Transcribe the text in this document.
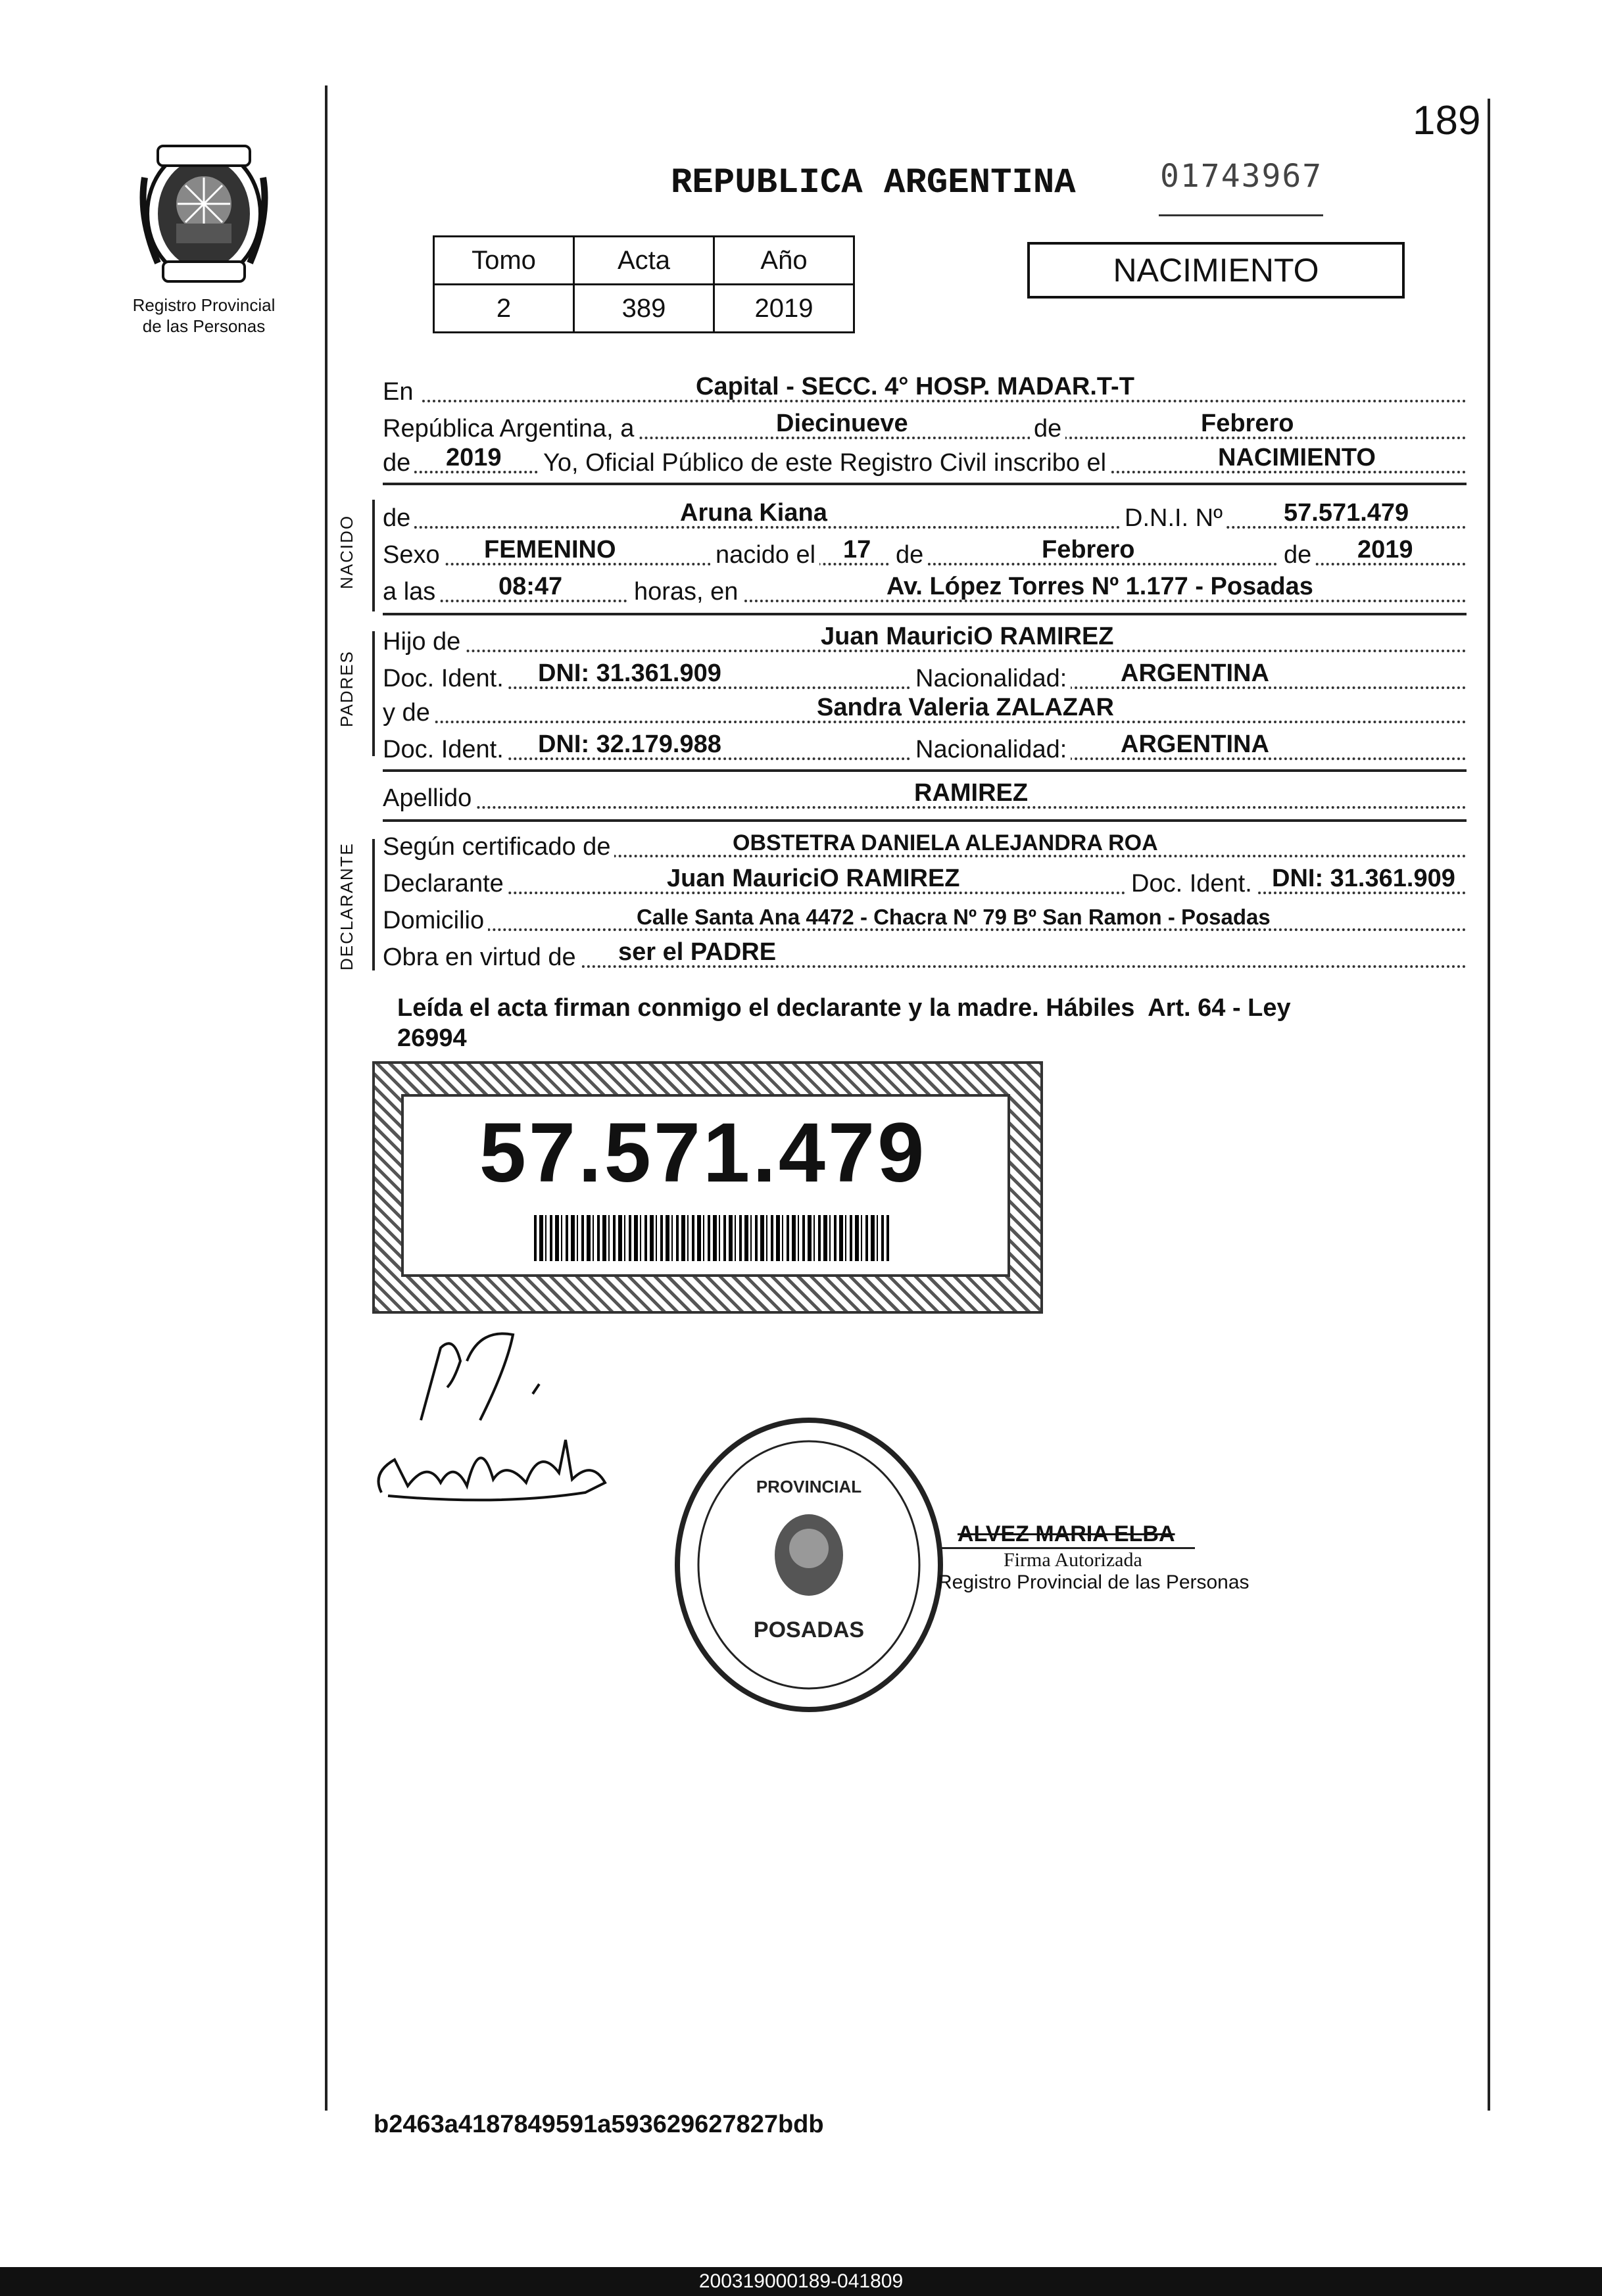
Registro Provincial
de las Personas
189
REPUBLICA ARGENTINA	01743967
Tomo	Acta	Año
2	389	2019
NACIMIENTO
En	Capital - SECC. 4° HOSP. MADAR.T-T
República Argentina, a	Diecinueve	de	Febrero
de 2019 Yo, Oficial Público de este Registro Civil inscribo el	NACIMIENTO
NACIDO de	Aruna Kiana	D.N.I. Nº 57.571.479
Sexo FEMENINO	nacido el 17 de	Febrero	de 2019
a las	08:47	horas, en	Av. López Torres Nº 1.177 - Posadas
PADRES
Hijo de	Juan MauriciO RAMIREZ
Doc. Ident. DNI: 31.361.909	Nacionalidad: ARGENTINA
y de	Sandra Valeria ZALAZAR
Doc. Ident. DNI: 32.179.988	Nacionalidad: ARGENTINA
Apellido	RAMIREZ
DECLARANTE Según certificado de	OBSTETRA DANIELA ALEJANDRA ROA
Declarante	Juan MauriciO RAMIREZ	Doc. Ident. DNI: 31.361.909
Domicilio	Calle Santa Ana 4472 - Chacra Nº 79 Bº San Ramon - Posadas
Obra en virtud de ser el PADRE
Leída el acta firman conmigo el declarante y la madre. Hábiles  Art. 64 - Ley
26994
57.571.479
POSADAS
PROVINCIAL
ALVEZ MARIA ELBA
Firma Autorizada
Registro Provincial de las Personas
b2463a4187849591a593629627827bdb
200319000189-041809
